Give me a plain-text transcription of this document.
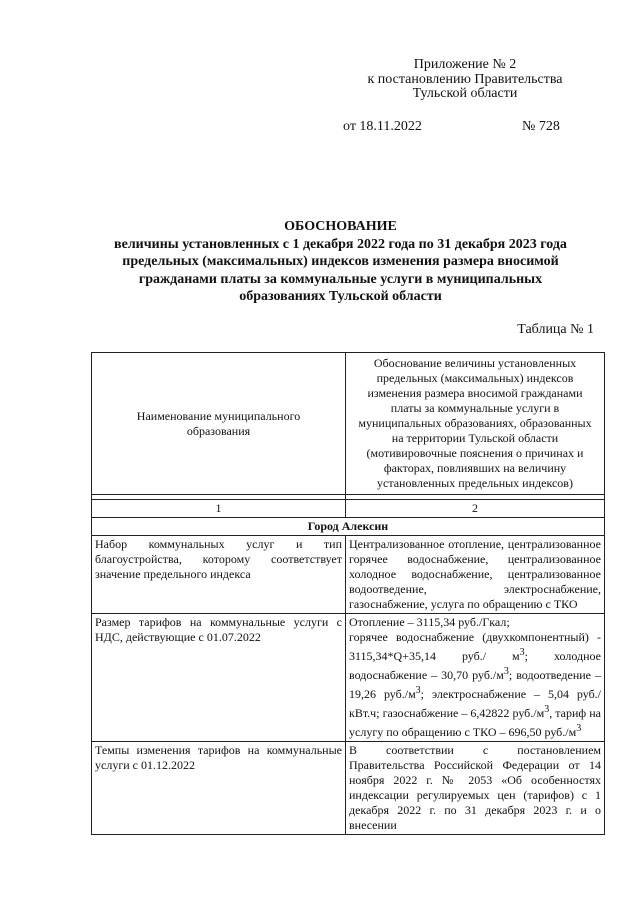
Приложение № 2
к постановлению Правительства
Тульской области
от 18.11.2022	№ 728
ОБОСНОВАНИЕ
величины установленных с 1 декабря 2022 года по 31 декабря 2023 года
предельных (максимальных) индексов изменения размера вносимой
гражданами платы за коммунальные услуги в муниципальных
образованиях Тульской области
Таблица № 1
Наименование муниципального образования	Обоснование величины установленных предельных (максимальных) индексов изменения размера вносимой гражданами платы за коммунальные услуги в муниципальных образованиях, образованных на территории Тульской области (мотивировочные пояснения о причинах и факторах, повлиявших на величину установленных предельных индексов)

1	2
Город Алексин	
Набор коммунальных услуг и тип благоустройства, которому соответствует значение предельного индекса	Централизованное отопление, централизованное горячее водоснабжение, централизованное холодное водоснабжение, централизованное водоотведение, электроснабжение, газоснабжение, услуга по обращению с ТКО
Размер тарифов на коммунальные услуги с НДС, действующие с 01.07.2022	Отопление – 3115,34 руб./Гкал;
горячее водоснабжение (двухкомпонентный) - 3115,34*Q+35,14 руб./ $м^3$; холодное водоснабжение – 30,70 $руб./м^3$; водоотведение – 19,26 $руб./м^3$; электроснабжение – 5,04 руб./кВт.ч; газоснабжение – 6,42822 $руб./м^3$, тариф на услугу по обращению с ТКО – 696,50 $руб./м^3$
Темпы изменения тарифов на коммунальные услуги с 01.12.2022	В соответствии с постановлением Правительства Российской Федерации от 14 ноября 2022 г. № 2053 «Об особенностях индексации регулируемых цен (тарифов) с 1 декабря 2022 г. по 31 декабря 2023 г. и о внесении
